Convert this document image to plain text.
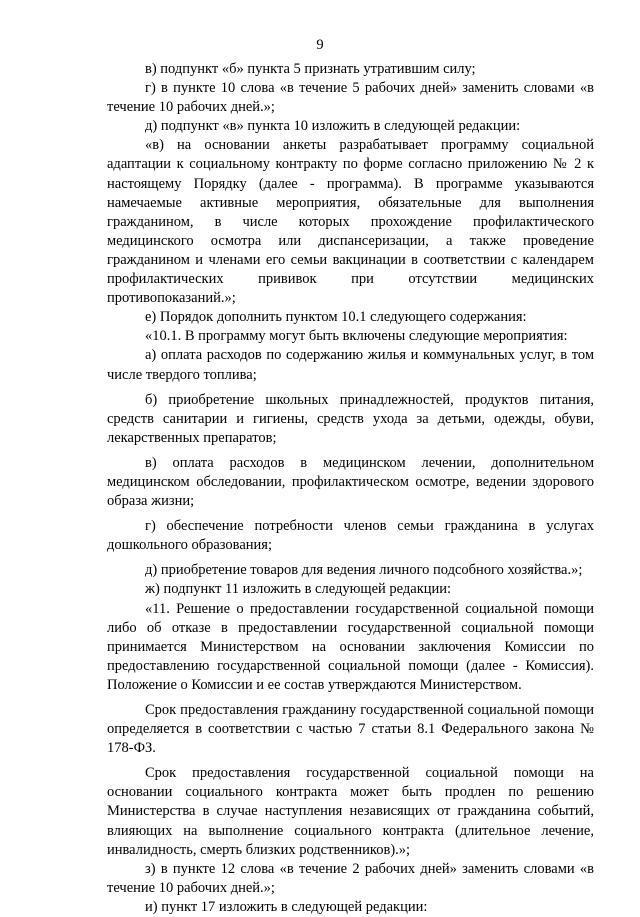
9

в) подпункт «б» пункта 5 признать утратившим силу;

г) в пункте 10 слова «в течение 5 рабочих дней» заменить словами «в течение 10 рабочих дней.»;

д) подпункт «в» пункта 10 изложить в следующей редакции:

«в) на основании анкеты разрабатывает программу социальной адаптации к социальному контракту по форме согласно приложению № 2 к настоящему Порядку (далее - программа). В программе указываются намечаемые активные мероприятия, обязательные для выполнения гражданином, в числе которых прохождение профилактического медицинского осмотра или диспансеризации, а также проведение гражданином и членами его семьи вакцинации в соответствии с календарем профилактических прививок при отсутствии медицинских противопоказаний.»;

е) Порядок дополнить пунктом 10.1 следующего содержания:

«10.1. В программу могут быть включены следующие мероприятия:

а) оплата расходов по содержанию жилья и коммунальных услуг, в том числе твердого топлива;

б) приобретение школьных принадлежностей, продуктов питания, средств санитарии и гигиены, средств ухода за детьми, одежды, обуви, лекарственных препаратов;

в) оплата расходов в медицинском лечении, дополнительном медицинском обследовании, профилактическом осмотре, ведении здорового образа жизни;

г) обеспечение потребности членов семьи гражданина в услугах дошкольного образования;

д) приобретение товаров для ведения личного подсобного хозяйства.»;

ж) подпункт 11 изложить в следующей редакции:

«11. Решение о предоставлении государственной социальной помощи либо об отказе в предоставлении государственной социальной помощи принимается Министерством на основании заключения Комиссии по предоставлению государственной социальной помощи (далее - Комиссия). Положение о Комиссии и ее состав утверждаются Министерством.

Срок предоставления гражданину государственной социальной помощи определяется в соответствии с частью 7 статьи 8.1 Федерального закона № 178-ФЗ.

Срок предоставления государственной социальной помощи на основании социального контракта может быть продлен по решению Министерства в случае наступления независящих от гражданина событий, влияющих на выполнение социального контракта (длительное лечение, инвалидность, смерть близких родственников).»;

з) в пункте 12 слова «в течение 2 рабочих дней» заменить словами «в течение 10 рабочих дней.»;

и) пункт 17 изложить в следующей редакции:
